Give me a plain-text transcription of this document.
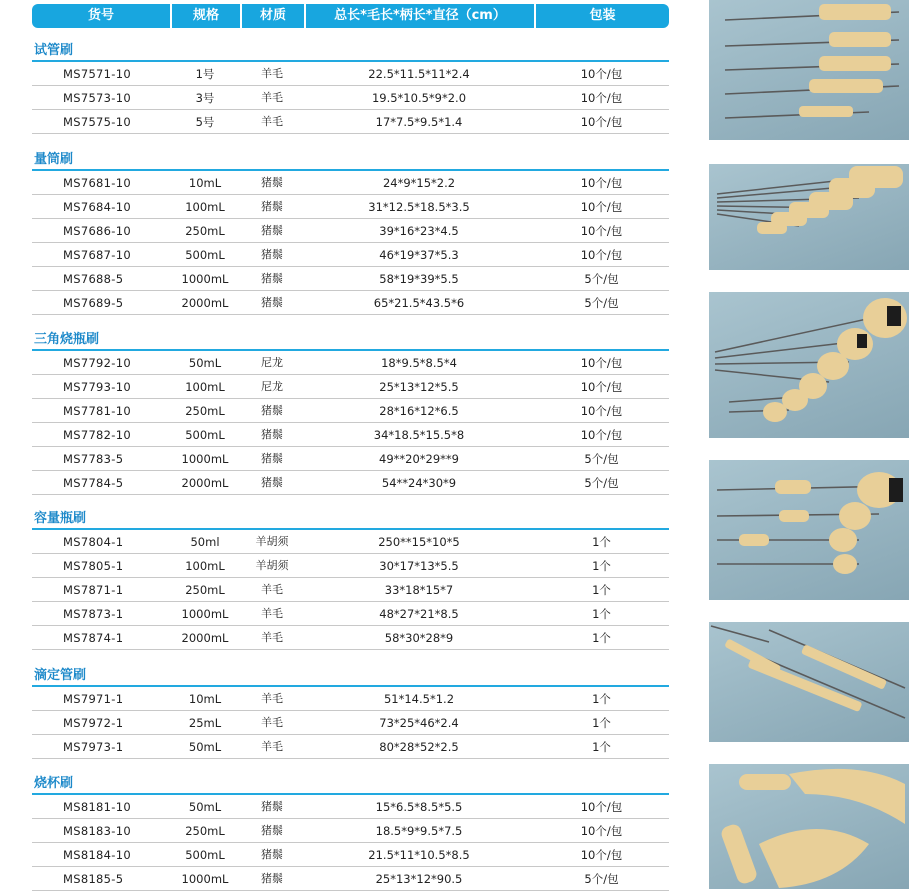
货号	规格	材质	总长*毛长*柄长*直径（cm）	包装
试管刷
MS7571-10	1号	羊毛	22.5*11.5*11*2.4	10个/包
MS7573-10	3号	羊毛	19.5*10.5*9*2.0	10个/包
MS7575-10	5号	羊毛	17*7.5*9.5*1.4	10个/包
量筒刷
MS7681-10	10mL	猪鬃	24*9*15*2.2	10个/包
MS7684-10	100mL	猪鬃	31*12.5*18.5*3.5	10个/包
MS7686-10	250mL	猪鬃	39*16*23*4.5	10个/包
MS7687-10	500mL	猪鬃	46*19*37*5.3	10个/包
MS7688-5	1000mL	猪鬃	58*19*39*5.5	5个/包
MS7689-5	2000mL	猪鬃	65*21.5*43.5*6	5个/包
三角烧瓶刷
MS7792-10	50mL	尼龙	18*9.5*8.5*4	10个/包
MS7793-10	100mL	尼龙	25*13*12*5.5	10个/包
MS7781-10	250mL	猪鬃	28*16*12*6.5	10个/包
MS7782-10	500mL	猪鬃	34*18.5*15.5*8	10个/包
MS7783-5	1000mL	猪鬃	49**20*29**9	5个/包
MS7784-5	2000mL	猪鬃	54**24*30*9	5个/包
容量瓶刷
MS7804-1	50ml	羊胡须	250**15*10*5	1个
MS7805-1	100mL	羊胡须	30*17*13*5.5	1个
MS7871-1	250mL	羊毛	33*18*15*7	1个
MS7873-1	1000mL	羊毛	48*27*21*8.5	1个
MS7874-1	2000mL	羊毛	58*30*28*9	1个
滴定管刷
MS7971-1	10mL	羊毛	51*14.5*1.2	1个
MS7972-1	25mL	羊毛	73*25*46*2.4	1个
MS7973-1	50mL	羊毛	80*28*52*2.5	1个
烧杯刷
MS8181-10	50mL	猪鬃	15*6.5*8.5*5.5	10个/包
MS8183-10	250mL	猪鬃	18.5*9*9.5*7.5	10个/包
MS8184-10	500mL	猪鬃	21.5*11*10.5*8.5	10个/包
MS8185-5	1000mL	猪鬃	25*13*12*90.5	5个/包
